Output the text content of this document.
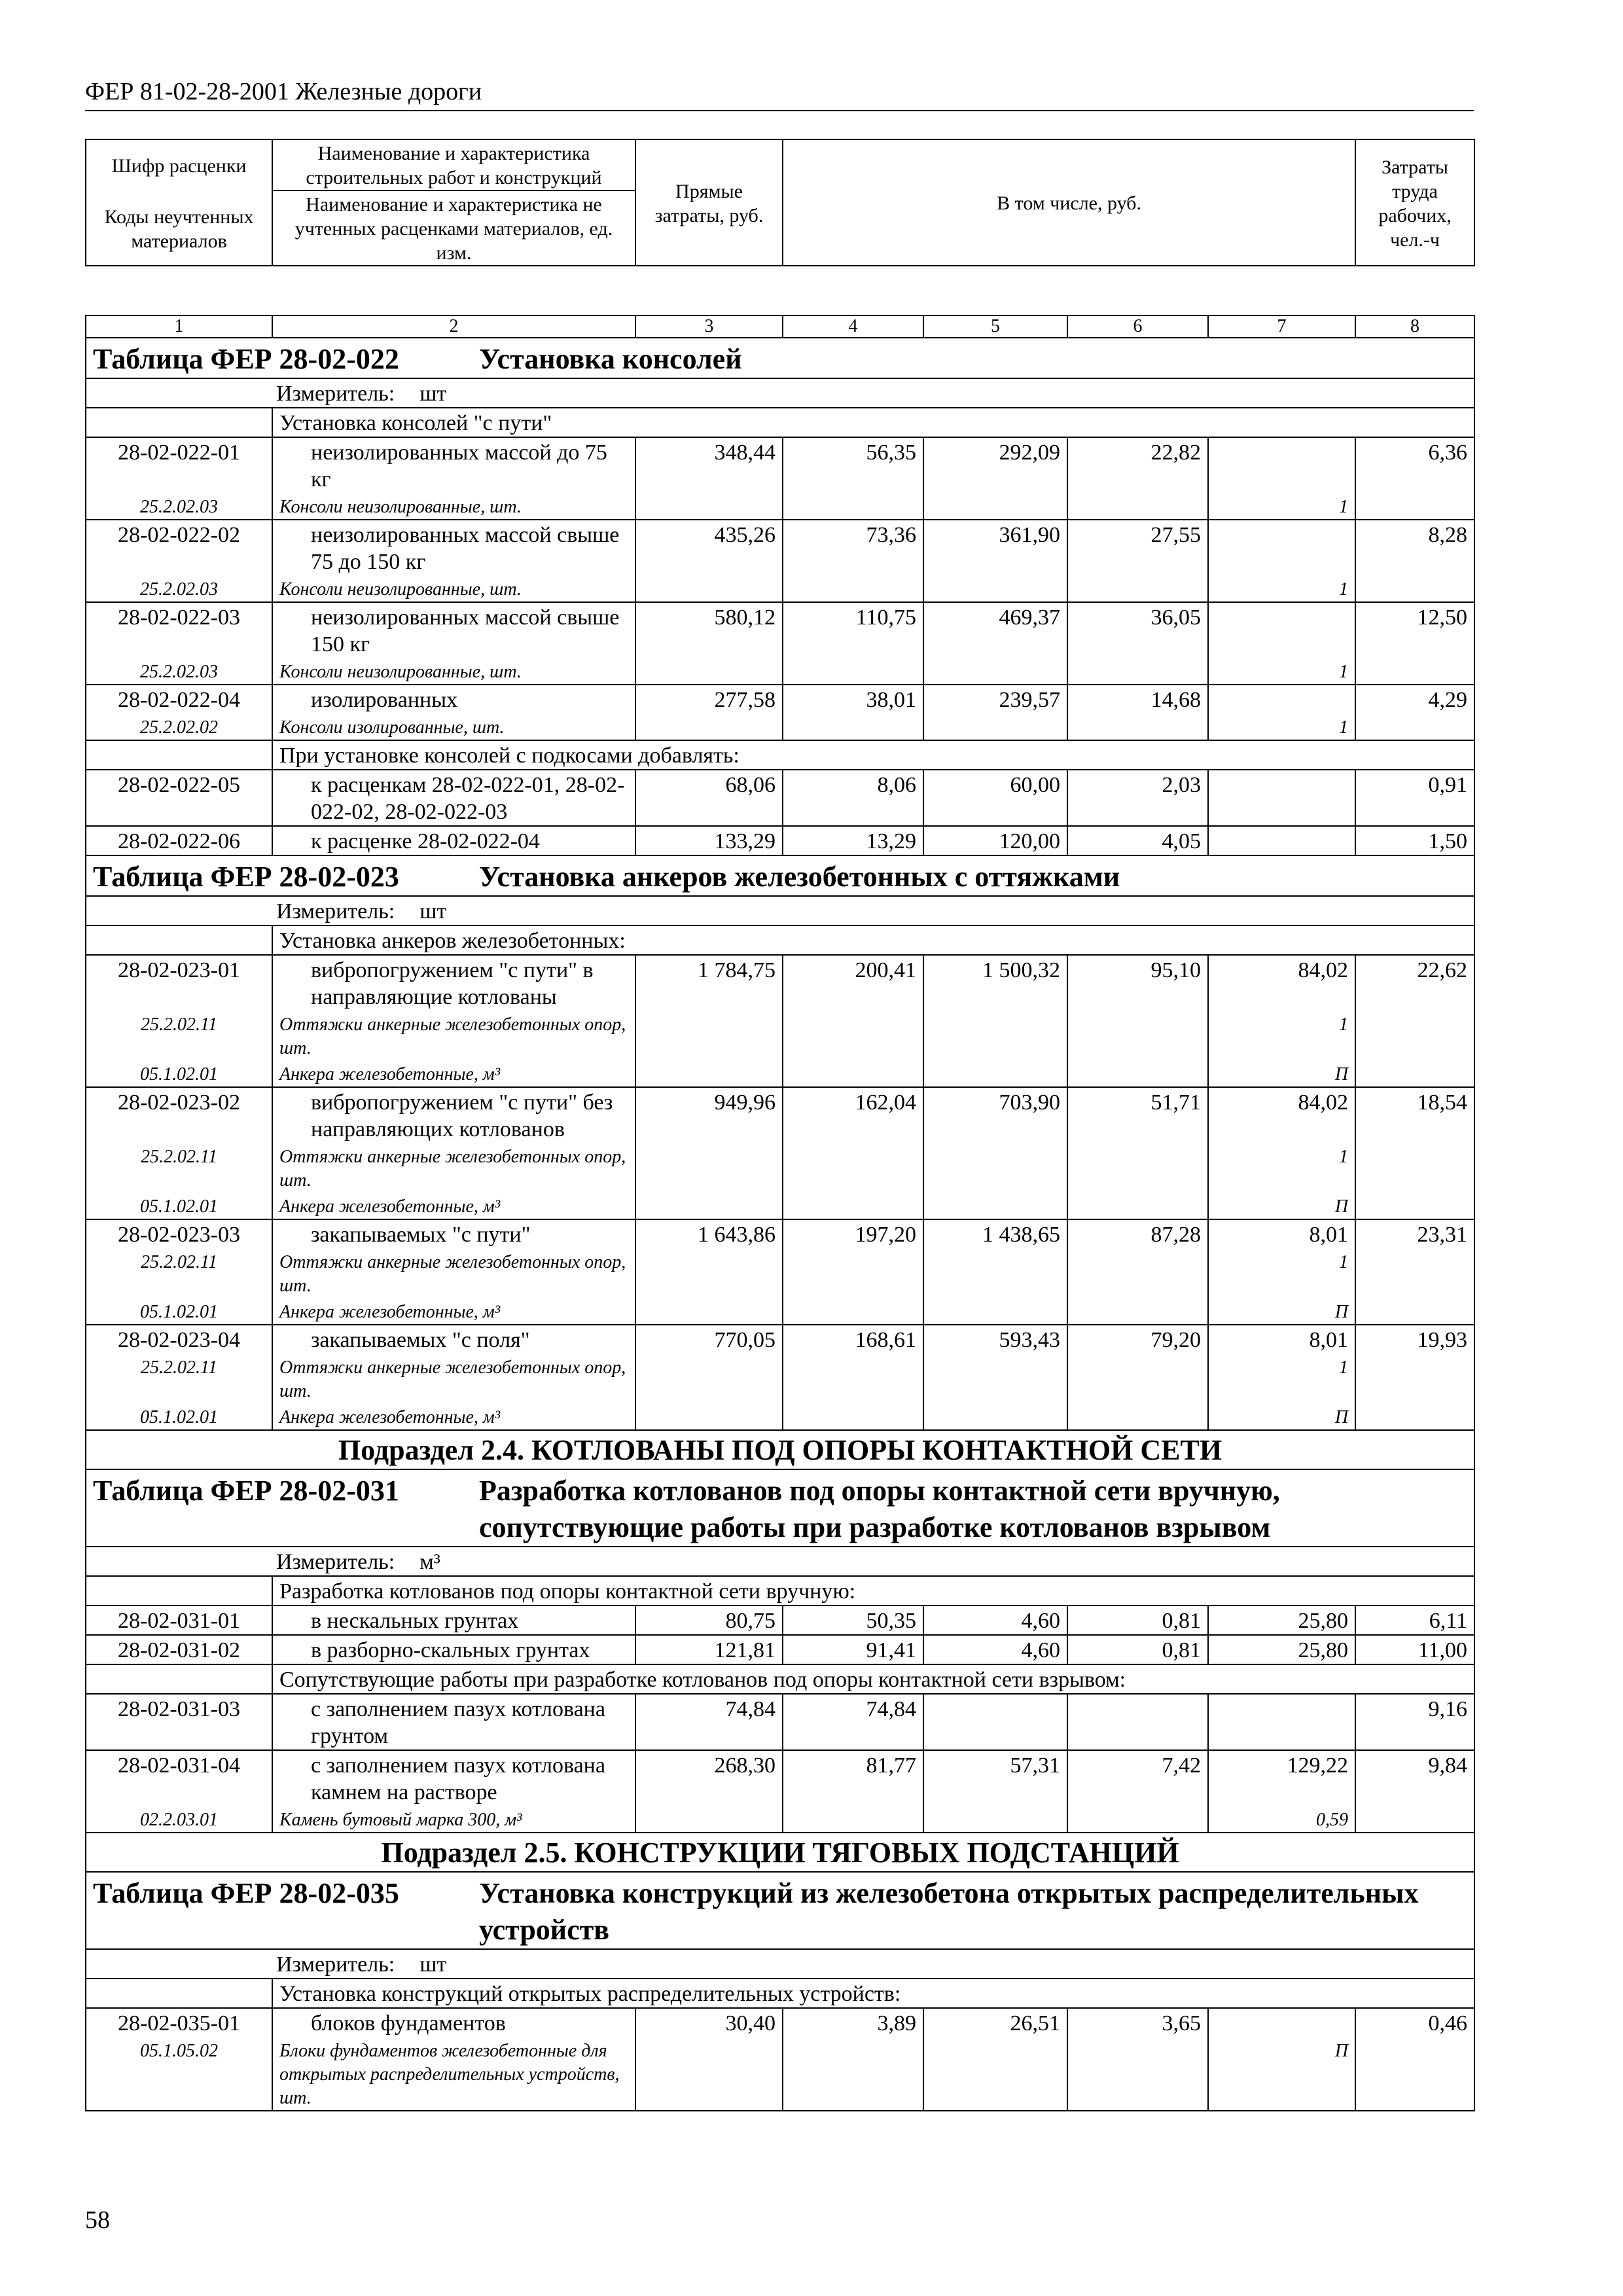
ФЕР 81-02-28-2001 Железные дороги
Шифр расценки	Наименование и характеристика строительных работ и конструкций	Прямые затраты, руб.	В том числе, руб.				Затраты труда рабочих, чел.-ч
Коды неучтенных материалов	Наименование и характеристика не учтенных расценками материалов, ед. изм.						

1	2	3	4	5	6	7	8

Таблица ФЕР 28-02-022 Установка консолей							

Измеритель: шт							
	Установка консолей "с пути"						
28-02-022-01	неизолированных массой до 75 кг	348,44	56,35	292,09	22,82		6,36
25.2.02.03	Консоли неизолированные, шт.					1	
28-02-022-02	неизолированных массой свыше 75 до 150 кг	435,26	73,36	361,90	27,55		8,28
25.2.02.03	Консоли неизолированные, шт.					1	
28-02-022-03	неизолированных массой свыше 150 кг	580,12	110,75	469,37	36,05		12,50
25.2.02.03	Консоли неизолированные, шт.					1	
28-02-022-04	изолированных	277,58	38,01	239,57	14,68		4,29
25.2.02.02	Консоли изолированные, шт.					1	
	При установке консолей с подкосами добавлять:						
28-02-022-05	к расценкам 28-02-022-01, 28-02-022-02, 28-02-022-03	68,06	8,06	60,00	2,03		0,91
28-02-022-06	к расценке 28-02-022-04	133,29	13,29	120,00	4,05		1,50

Таблица ФЕР 28-02-023 Установка анкеров железобетонных с оттяжками							

Измеритель: шт							
	Установка анкеров железобетонных:						
28-02-023-01	вибропогружением "с пути" в направляющие котлованы	1 784,75	200,41	1 500,32	95,10	84,02	22,62
25.2.02.11	Оттяжки анкерные железобетонных опор, шт.					1	
05.1.02.01	Анкера железобетонные, м³					П	
28-02-023-02	вибропогружением "с пути" без направляющих котлованов	949,96	162,04	703,90	51,71	84,02	18,54
25.2.02.11	Оттяжки анкерные железобетонных опор, шт.					1	
05.1.02.01	Анкера железобетонные, м³					П	
28-02-023-03	закапываемых "с пути"	1 643,86	197,20	1 438,65	87,28	8,01	23,31
25.2.02.11	Оттяжки анкерные железобетонных опор, шт.					1	
05.1.02.01	Анкера железобетонные, м³					П	
28-02-023-04	закапываемых "с поля"	770,05	168,61	593,43	79,20	8,01	19,93
25.2.02.11	Оттяжки анкерные железобетонных опор, шт.					1	
05.1.02.01	Анкера железобетонные, м³					П	
Подраздел 2.4. КОТЛОВАНЫ ПОД ОПОРЫ КОНТАКТНОЙ СЕТИ							

Таблица ФЕР 28-02-031 Разработка котлованов под опоры контактной сети вручную, сопутствующие работы при разработке котлованов взрывом							

Измеритель: м³							
	Разработка котлованов под опоры контактной сети вручную:						
28-02-031-01	в нескальных грунтах	80,75	50,35	4,60	0,81	25,80	6,11
28-02-031-02	в разборно-скальных грунтах	121,81	91,41	4,60	0,81	25,80	11,00
	Сопутствующие работы при разработке котлованов под опоры контактной сети взрывом:						
28-02-031-03	с заполнением пазух котлована грунтом	74,84	74,84				9,16
28-02-031-04	с заполнением пазух котлована камнем на растворе	268,30	81,77	57,31	7,42	129,22	9,84
02.2.03.01	Камень бутовый марка 300, м³					0,59	
Подраздел 2.5. КОНСТРУКЦИИ ТЯГОВЫХ ПОДСТАНЦИЙ							

Таблица ФЕР 28-02-035 Установка конструкций из железобетона открытых распределительных устройств							

Измеритель: шт							
	Установка конструкций открытых распределительных устройств:						
28-02-035-01	блоков фундаментов	30,40	3,89	26,51	3,65		0,46
05.1.05.02	Блоки фундаментов железобетонные для открытых распределительных устройств, шт.					П	
58
